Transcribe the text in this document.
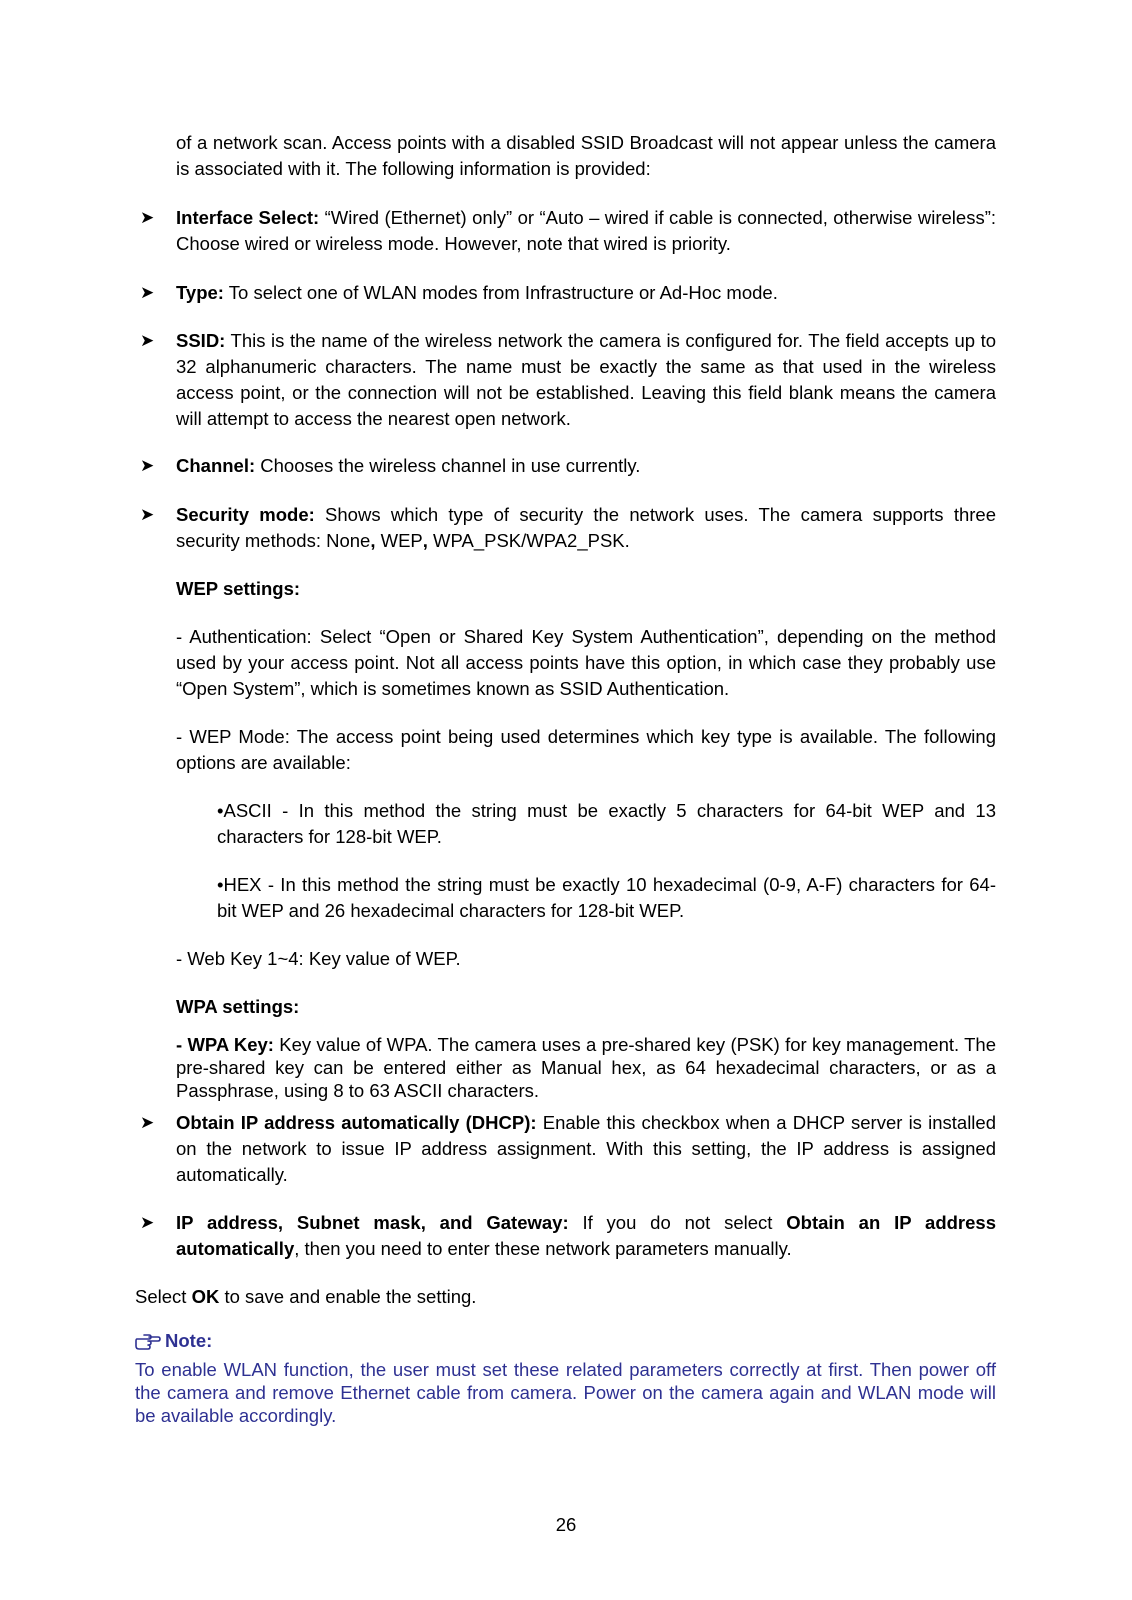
of a network scan. Access points with a disabled SSID Broadcast will not appear unless the camera is associated with it. The following information is provided:
➤	Interface Select: “Wired (Ethernet) only” or “Auto – wired if cable is connected, otherwise wireless”: Choose wired or wireless mode. However, note that wired is priority.
➤	Type: To select one of WLAN modes from Infrastructure or Ad-Hoc mode.
➤	SSID: This is the name of the wireless network the camera is configured for. The field accepts up to 32 alphanumeric characters. The name must be exactly the same as that used in the wireless access point, or the connection will not be established. Leaving this field blank means the camera will attempt to access the nearest open network.
➤	Channel: Chooses the wireless channel in use currently.
➤	Security mode: Shows which type of security the network uses. The camera supports three security methods: None, WEP, WPA_PSK/WPA2_PSK.
WEP settings:
- Authentication: Select “Open or Shared Key System Authentication”, depending on the method used by your access point. Not all access points have this option, in which case they probably use “Open System”, which is sometimes known as SSID Authentication.
- WEP Mode: The access point being used determines which key type is available. The following options are available:
•ASCII - In this method the string must be exactly 5 characters for 64-bit WEP and 13 characters for 128-bit WEP.
•HEX - In this method the string must be exactly 10 hexadecimal (0-9, A-F) characters for 64-bit WEP and 26 hexadecimal characters for 128-bit WEP.
- Web Key 1~4: Key value of WEP.
WPA settings:
- WPA Key: Key value of WPA. The camera uses a pre-shared key (PSK) for key management. The pre-shared key can be entered either as Manual hex, as 64 hexadecimal characters, or as a Passphrase, using 8 to 63 ASCII characters.
➤	Obtain IP address automatically (DHCP): Enable this checkbox when a DHCP server is installed on the network to issue IP address assignment. With this setting, the IP address is assigned automatically.
➤	IP address, Subnet mask, and Gateway: If you do not select Obtain an IP address automatically, then you need to enter these network parameters manually.
Select OK to save and enable the setting.
Note:
To enable WLAN function, the user must set these related parameters correctly at first. Then power off the camera and remove Ethernet cable from camera. Power on the camera again and WLAN mode will be available accordingly.
26
